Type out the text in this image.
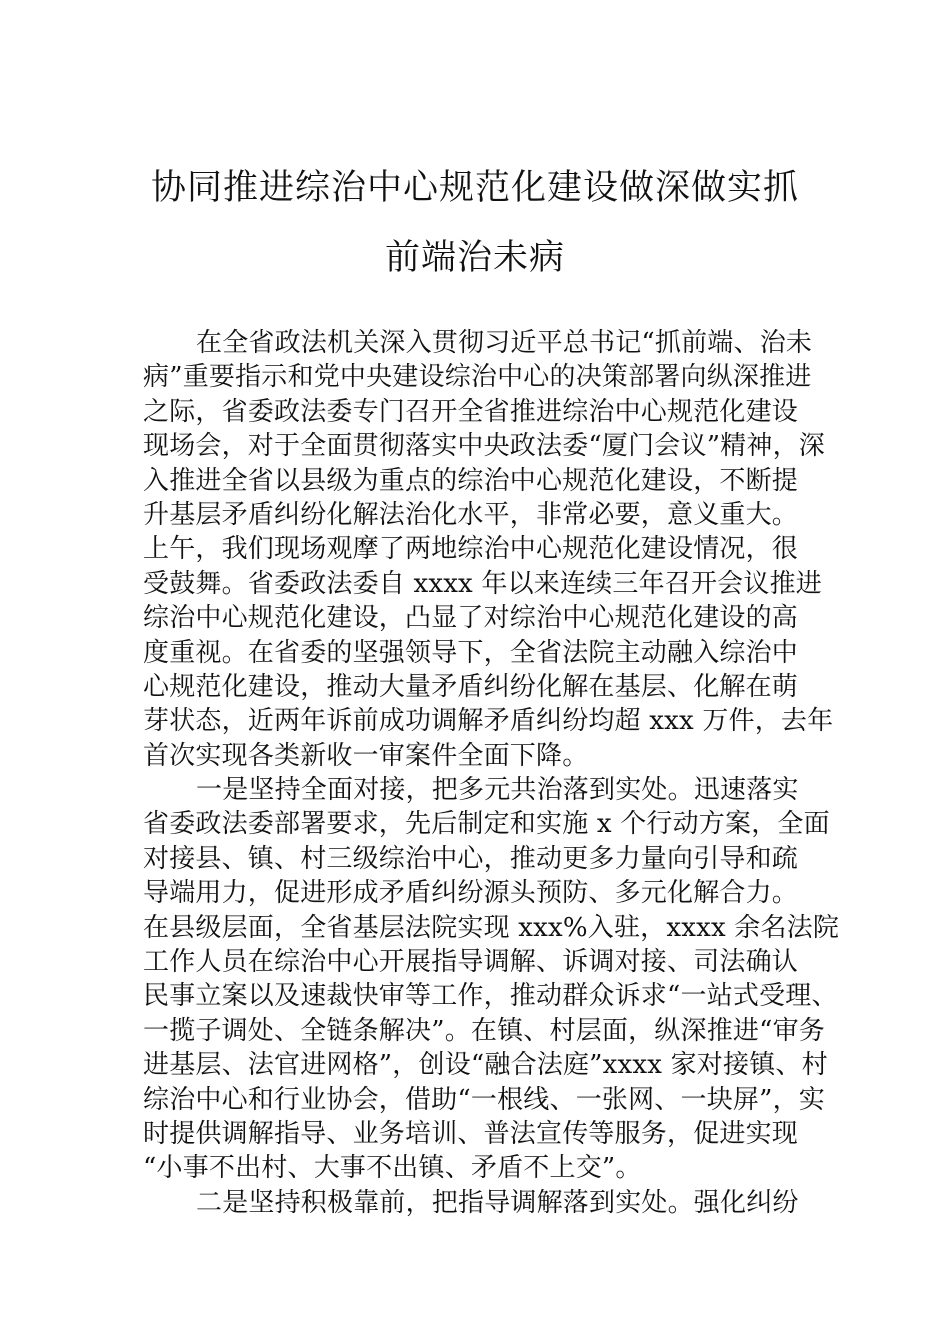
协同推进综治中心规范化建设做深做实抓
前端治未病
在全省政法机关深入贯彻习近平总书记“抓前端、治未
病”重要指示和党中央建设综治中心的决策部署向纵深推进
之际，省委政法委专门召开全省推进综治中心规范化建设
现场会，对于全面贯彻落实中央政法委“厦门会议”精神，深
入推进全省以县级为重点的综治中心规范化建设，不断提
升基层矛盾纠纷化解法治化水平，非常必要，意义重大。
上午，我们现场观摩了两地综治中心规范化建设情况，很
受鼓舞。省委政法委自 xxxx 年以来连续三年召开会议推进
综治中心规范化建设，凸显了对综治中心规范化建设的高
度重视。在省委的坚强领导下，全省法院主动融入综治中
心规范化建设，推动大量矛盾纠纷化解在基层、化解在萌
芽状态，近两年诉前成功调解矛盾纠纷均超 xxx 万件，去年
首次实现各类新收一审案件全面下降。
一是坚持全面对接，把多元共治落到实处。迅速落实
省委政法委部署要求，先后制定和实施 x 个行动方案，全面
对接县、镇、村三级综治中心，推动更多力量向引导和疏
导端用力，促进形成矛盾纠纷源头预防、多元化解合力。
在县级层面，全省基层法院实现 xxx%入驻，xxxx 余名法院
工作人员在综治中心开展指导调解、诉调对接、司法确认
民事立案以及速裁快审等工作，推动群众诉求“一站式受理、
一揽子调处、全链条解决”。在镇、村层面，纵深推进“审务
进基层、法官进网格”，创设“融合法庭”xxxx 家对接镇、村
综治中心和行业协会，借助“一根线、一张网、一块屏”，实
时提供调解指导、业务培训、普法宣传等服务，促进实现
“小事不出村、大事不出镇、矛盾不上交”。
二是坚持积极靠前，把指导调解落到实处。强化纠纷
